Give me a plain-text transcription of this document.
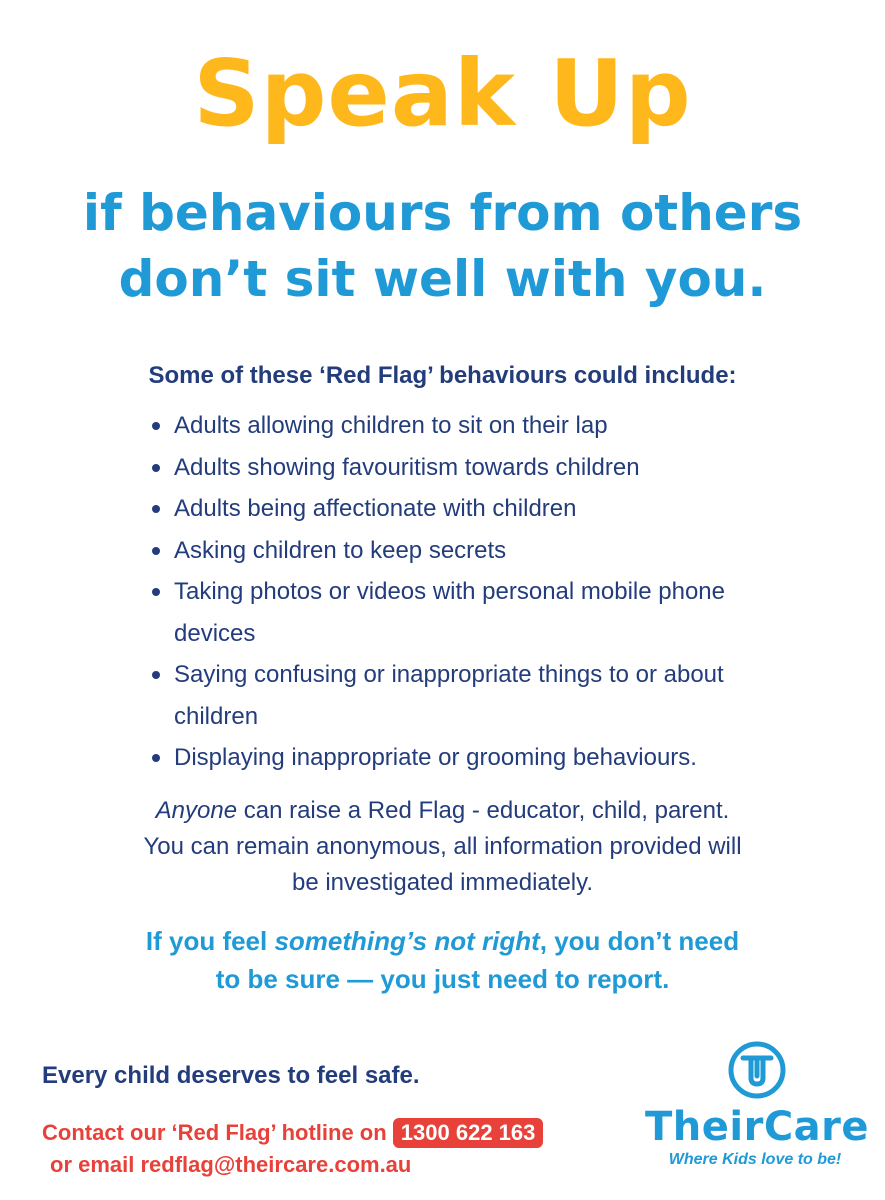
Speak Up
if behaviours from others
don’t sit well with you.
Some of these ‘Red Flag’ behaviours could include:
Adults allowing children to sit on their lap
Adults showing favouritism towards children
Adults being affectionate with children
Asking children to keep secrets
Taking photos or videos with personal mobile phone devices
Saying confusing or inappropriate things to or about children
Displaying inappropriate or grooming behaviours.
Anyone can raise a Red Flag - educator, child, parent.
You can remain anonymous, all information provided will
be investigated immediately.
If you feel something’s not right, you don’t need
to be sure — you just need to report.
Every child deserves to feel safe.
Contact our ‘Red Flag’ hotline on 1300 622 163
or email redflag@theircare.com.au
TheirCare
Where Kids love to be!
